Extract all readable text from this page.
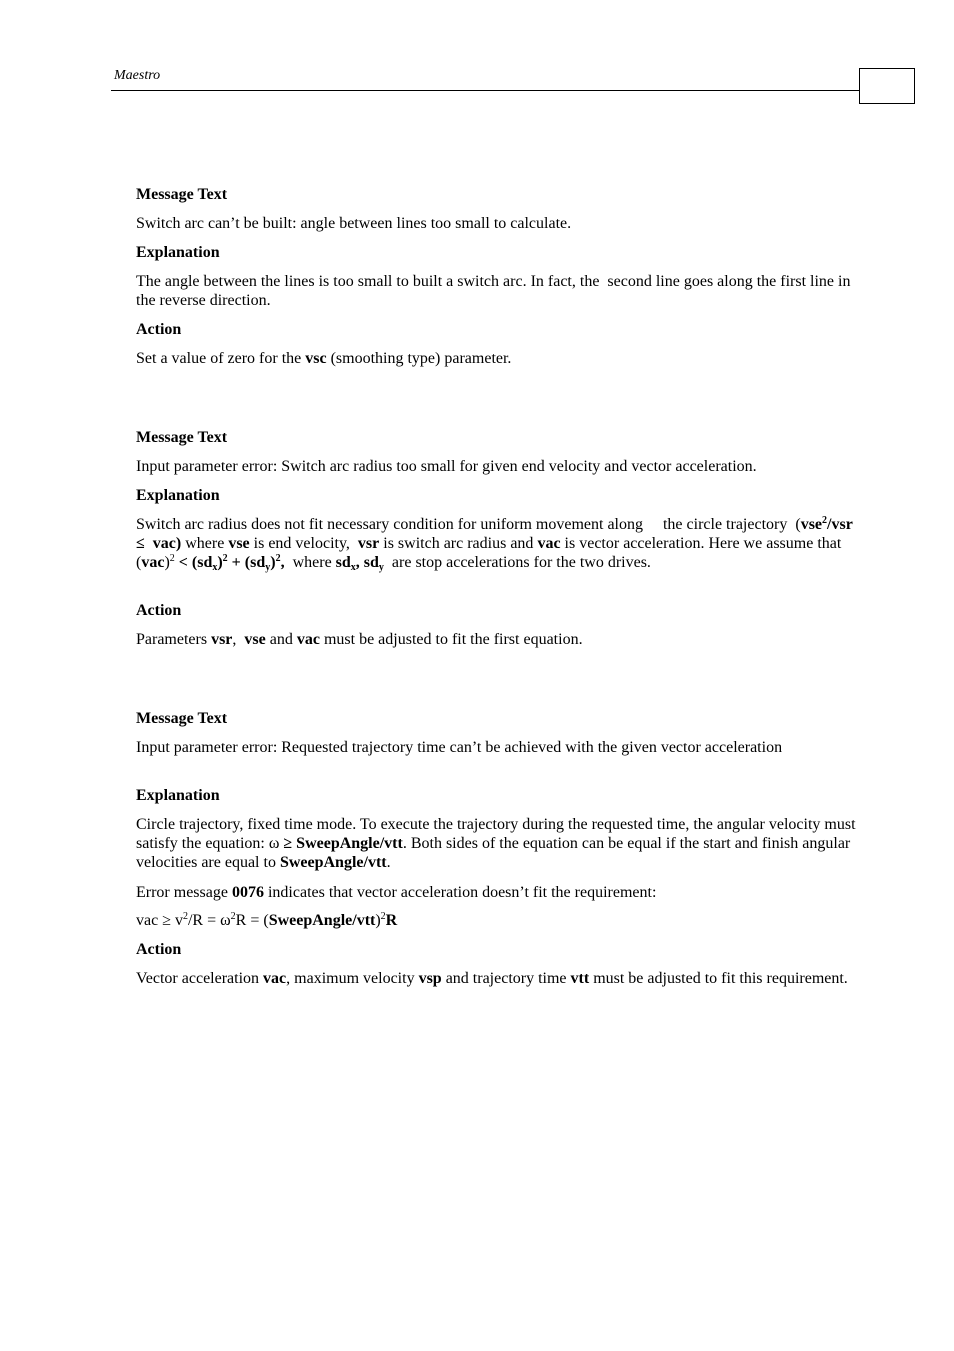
Maestro

Message Text

Switch arc can’t be built: angle between lines too small to calculate.

Explanation

The angle between the lines is too small to built a switch arc. In fact, the  second line goes along the first line in the reverse direction.

Action

Set a value of zero for the vsc (smoothing type) parameter.

Message Text

Input parameter error: Switch arc radius too small for given end velocity and vector acceleration.

Explanation

Switch arc radius does not fit necessary condition for uniform movement along     the circle trajectory  (vse$^2$/vsr ≤  vac) where vse is end velocity,  vsr is switch arc radius and vac is vector acceleration. Here we assume that $(vac)^2 < (sd_x)^2 + (sd_y)^2$,  where $sd_x$, $sd_y$  are stop accelerations for the two drives.

Action

Parameters vsr,  vse and vac must be adjusted to fit the first equation.

Message Text

Input parameter error: Requested trajectory time can’t be achieved with the given vector acceleration

Explanation

Circle trajectory, fixed time mode. To execute the trajectory during the requested time, the angular velocity must satisfy the equation: ω ≥ SweepAngle/vtt. Both sides of the equation can be equal if the start and finish angular velocities are equal to SweepAngle/vtt.

Error message 0076 indicates that vector acceleration doesn’t fit the requirement:

vac ≥ $v^2/R = \omega^2R$ = (SweepAngle/vtt)$^2$R

Action

Vector acceleration vac, maximum velocity vsp and trajectory time vtt must be adjusted to fit this requirement.
